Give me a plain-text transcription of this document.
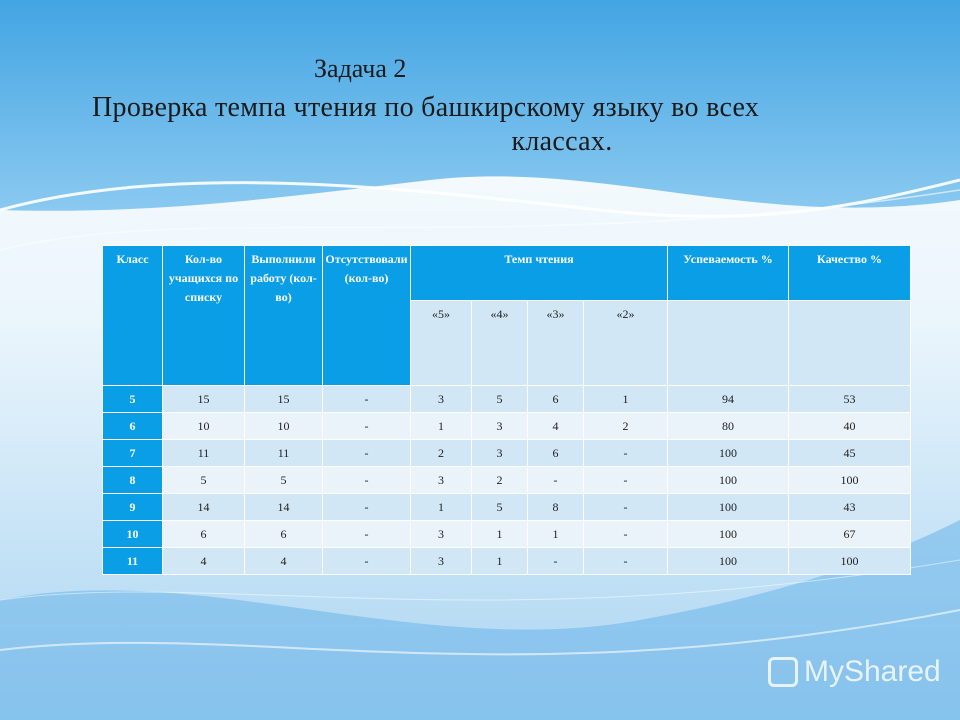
Задача 2
Проверка темпа чтения по башкирскому языку во всех
классах.
Класс	Кол-во учащихся по списку	Выполнили работу (кол-во)	Отсутствовали (кол-во)	Темп чтения				Успеваемость %	Качество %
				«5»	«4»	«3»	«2»		
5	15	15	-	3	5	6	1	94	53
6	10	10	-	1	3	4	2	80	40
7	11	11	-	2	3	6	-	100	45
8	5	5	-	3	2	-	-	100	100
9	14	14	-	1	5	8	-	100	43
10	6	6	-	3	1	1	-	100	67
11	4	4	-	3	1	-	-	100	100
MyShared
